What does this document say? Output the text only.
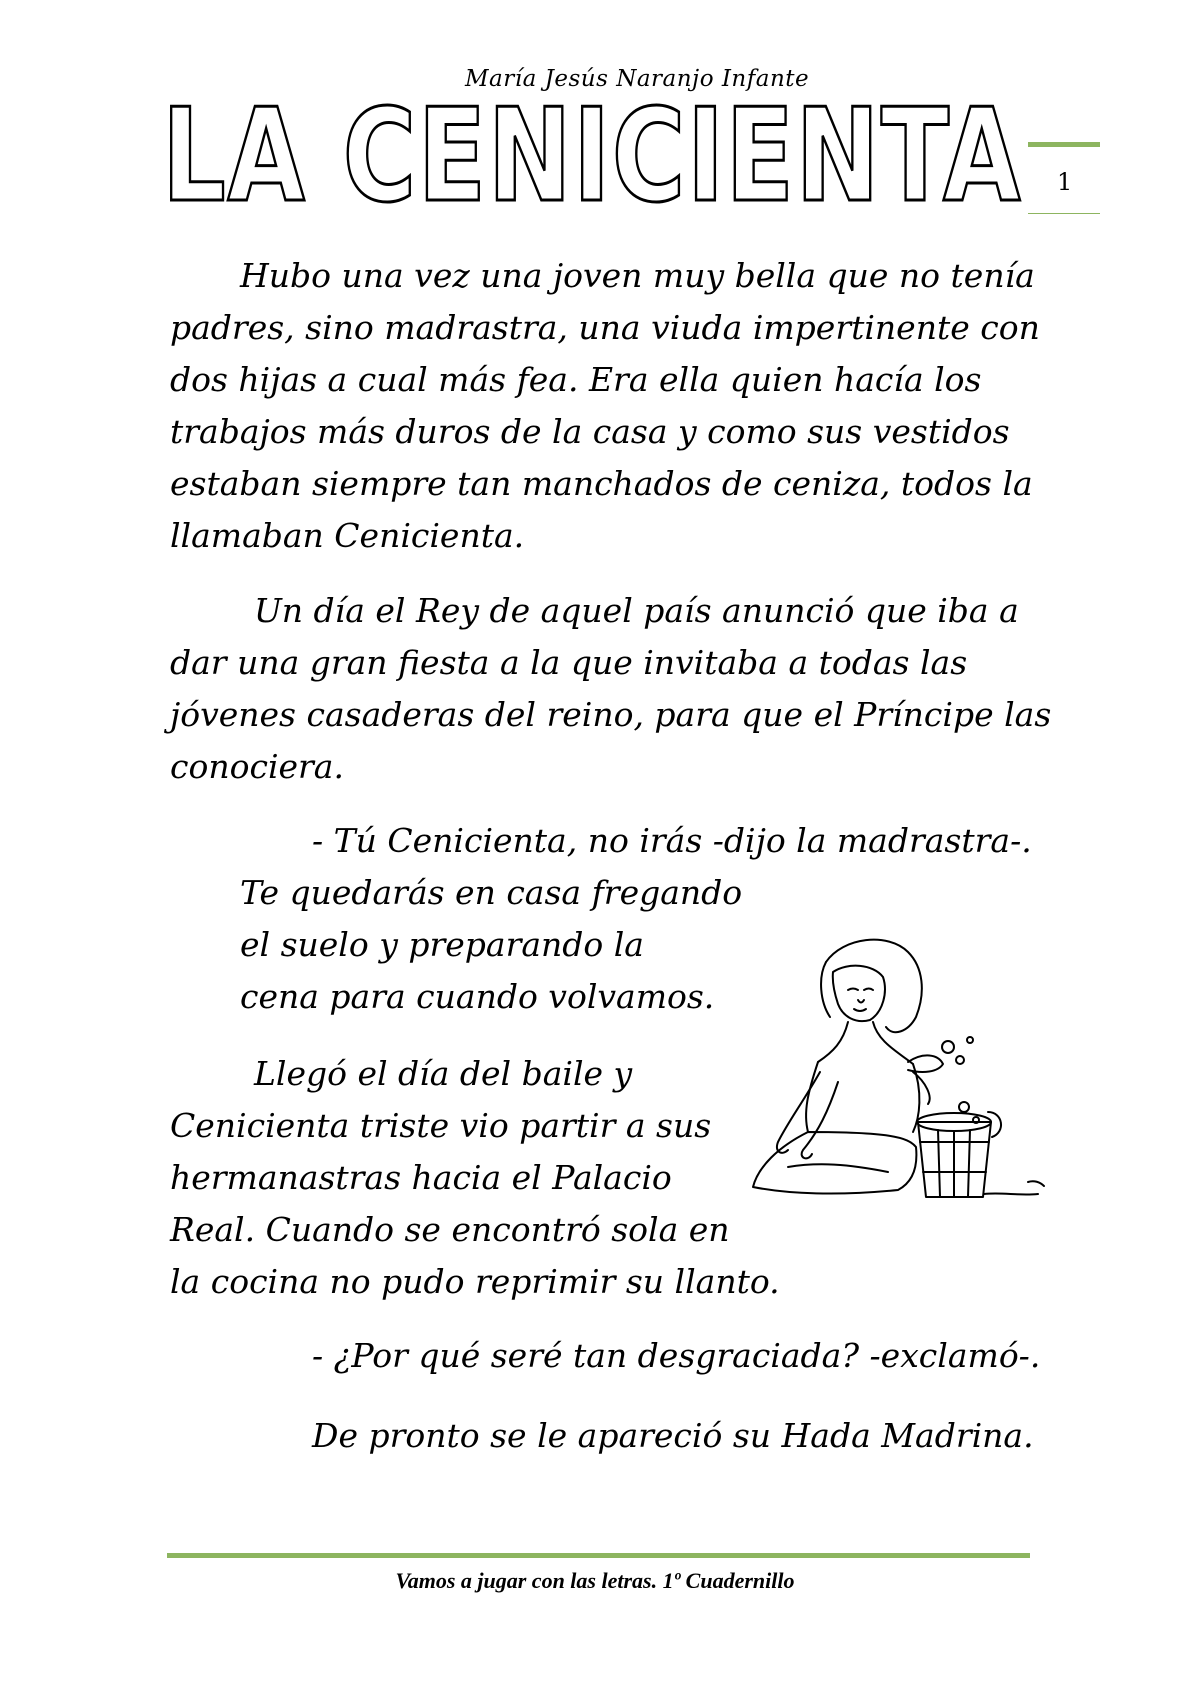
María Jesús Naranjo Infante
LA CENICIENTA 1
Hubo una vez una joven muy bella que no tenía
padres, sino madrastra, una viuda impertinente con
dos hijas a cual más fea. Era ella quien hacía los
trabajos más duros de la casa y como sus vestidos
estaban siempre tan manchados de ceniza, todos la
llamaban Cenicienta.
Un día el Rey de aquel país anunció que iba a
dar una gran fiesta a la que invitaba a todas las
jóvenes casaderas del reino, para que el Príncipe las
conociera.
- Tú Cenicienta, no irás -dijo la madrastra-.
Te quedarás en casa fregando
el suelo y preparando la
cena para cuando volvamos.
Llegó el día del baile y
Cenicienta triste vio partir a sus
hermanastras hacia el Palacio
Real. Cuando se encontró sola en
la cocina no pudo reprimir su llanto.
- ¿Por qué seré tan desgraciada? -exclamó-.
De pronto se le apareció su Hada Madrina.
Vamos a jugar con las letras. 1º Cuadernillo
